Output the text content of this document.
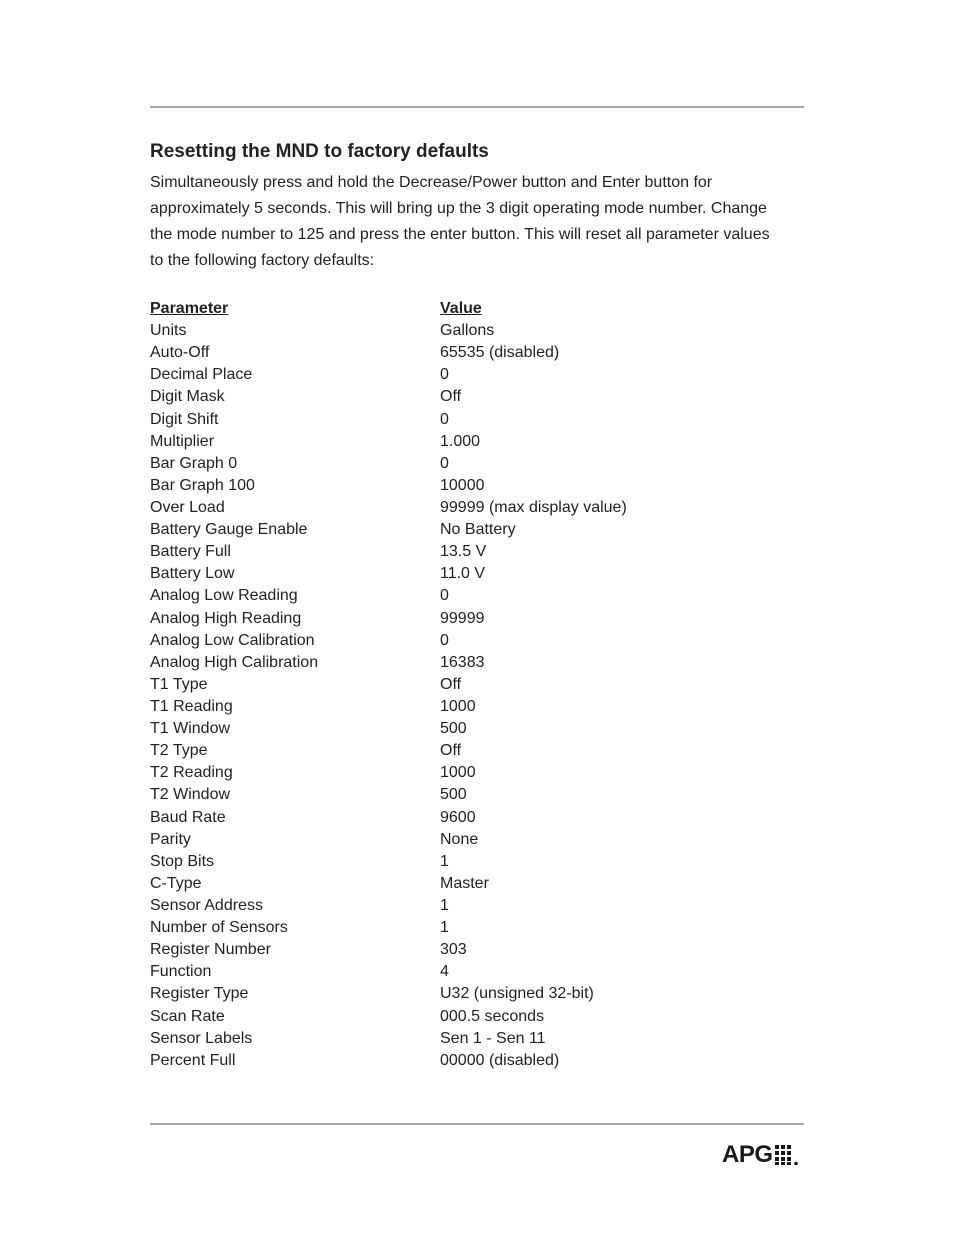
Resetting the MND to factory defaults

Simultaneously press and hold the Decrease/Power button and Enter button for
approximately 5 seconds. This will bring up the 3 digit operating mode number. Change
the mode number to 125 and press the enter button. This will reset all parameter values
to the following factory defaults:

Parameter	Value
Units	Gallons
Auto-Off	65535 (disabled)
Decimal Place	0
Digit Mask	Off
Digit Shift	0
Multiplier	1.000
Bar Graph 0	0
Bar Graph 100	10000
Over Load	99999 (max display value)
Battery Gauge Enable	No Battery
Battery Full	13.5 V
Battery Low	11.0 V
Analog Low Reading	0
Analog High Reading	99999
Analog Low Calibration	0
Analog High Calibration	16383
T1 Type	Off
T1 Reading	1000
T1 Window	500
T2 Type	Off
T2 Reading	1000
T2 Window	500
Baud Rate	9600
Parity	None
Stop Bits	1
C-Type	Master
Sensor Address	1
Number of Sensors	1
Register Number	303
Function	4
Register Type	U32 (unsigned 32-bit)
Scan Rate	000.5 seconds
Sensor Labels	Sen 1 - Sen 11
Percent Full	00000 (disabled)
APG
